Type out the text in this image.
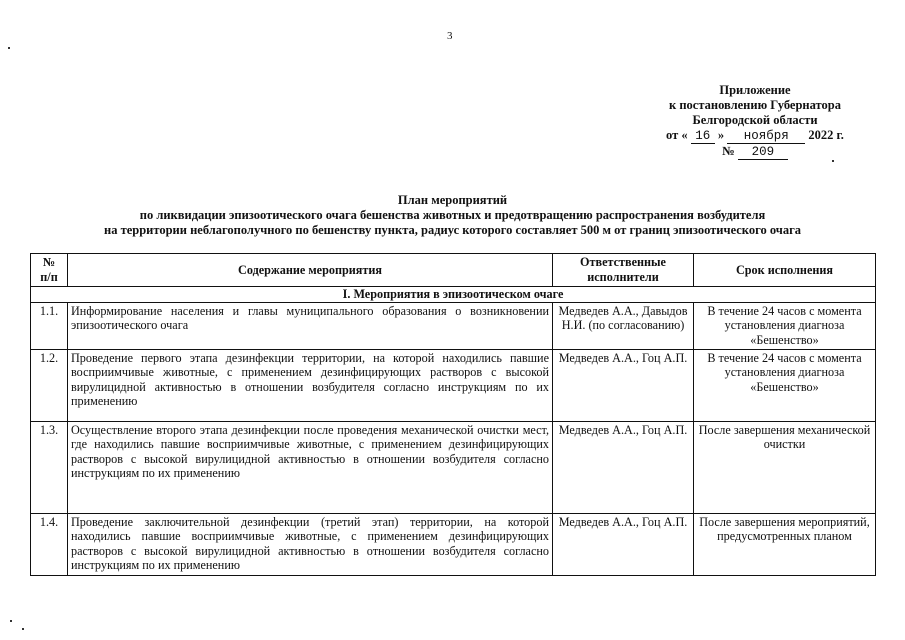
3
Приложение
к постановлению Губернатора
Белгородской области
от « 16 » ноября 2022 г.
№ 209
План мероприятий
по ликвидации эпизоотического очага бешенства животных и предотвращению распространения возбудителя
на территории неблагополучного по бешенству пункта, радиус которого составляет 500 м от границ эпизоотического очага
№
п/п	Содержание мероприятия	Ответственные исполнители	Срок исполнения
I. Мероприятия в эпизоотическом очаге			
1.1.	Информирование населения и главы муниципального образования о возникновении эпизоотического очага	Медведев А.А., Давыдов Н.И. (по согласованию)	В течение 24 часов с момента установления диагноза «Бешенство»
1.2.	Проведение первого этапа дезинфекции территории, на которой находились павшие восприимчивые животные, с применением дезинфицирующих растворов с высокой вирулицидной активностью в отношении возбудителя согласно инструкциям по их применению	Медведев А.А., Гоц А.П.	В течение 24 часов с момента установления диагноза «Бешенство»
1.3.	Осуществление второго этапа дезинфекции после проведения механической очистки мест, где находились павшие восприимчивые животные, с применением дезинфицирующих растворов с высокой вирулицидной активностью в отношении возбудителя согласно инструкциям по их применению	Медведев А.А., Гоц А.П.	После завершения механической очистки
1.4.	Проведение заключительной дезинфекции (третий этап) территории, на которой находились павшие восприимчивые животные, с применением дезинфицирующих растворов с высокой вирулицидной активностью в отношении возбудителя согласно инструкциям по их применению	Медведев А.А., Гоц А.П.	После завершения мероприятий, предусмотренных планом
